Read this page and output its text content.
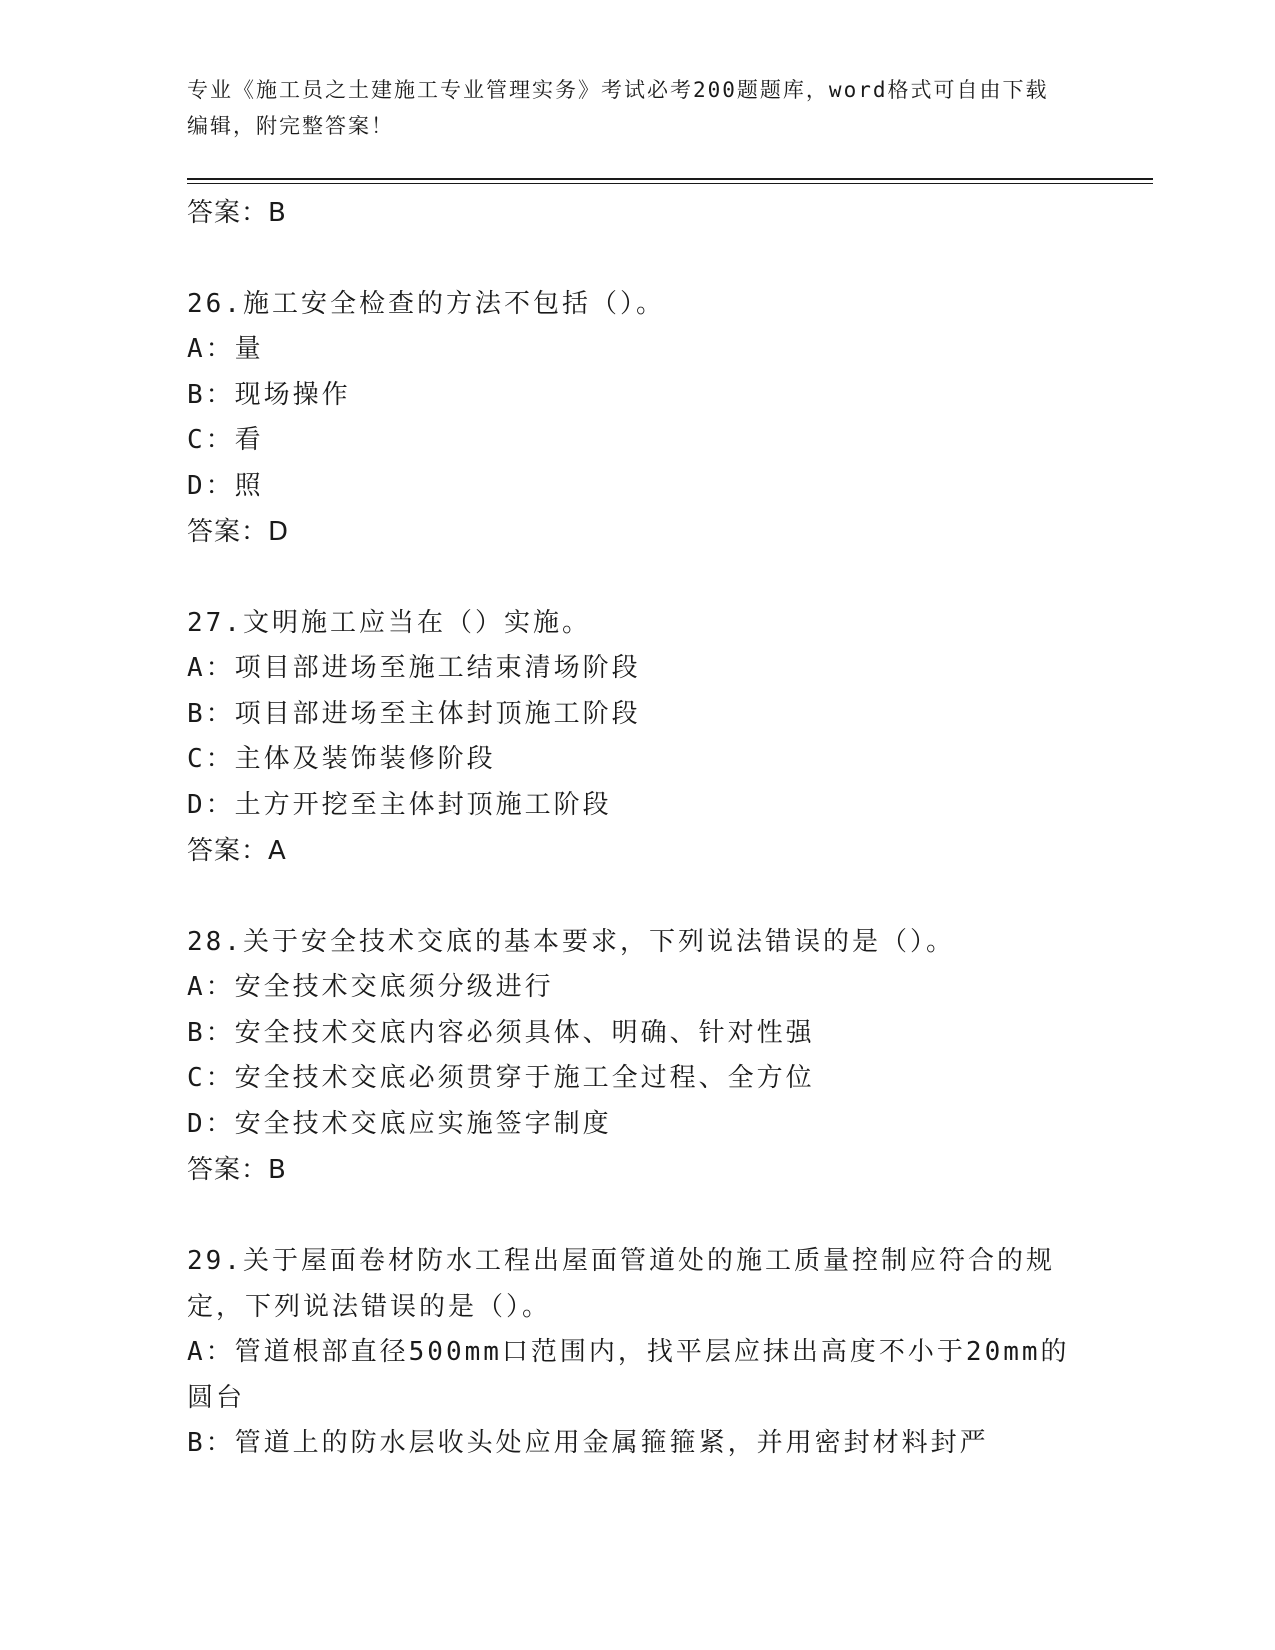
专业《施工员之土建施工专业管理实务》考试必考200题题库，word格式可自由下载编辑，附完整答案！

答案：B

26.施工安全检查的方法不包括（）。

A：量

B：现场操作

C：看

D：照

答案：D

27.文明施工应当在（）实施。

A：项目部进场至施工结束清场阶段

B：项目部进场至主体封顶施工阶段

C：主体及装饰装修阶段

D：土方开挖至主体封顶施工阶段

答案：A

28.关于安全技术交底的基本要求，下列说法错误的是（）。

A：安全技术交底须分级进行

B：安全技术交底内容必须具体、明确、针对性强

C：安全技术交底必须贯穿于施工全过程、全方位

D：安全技术交底应实施签字制度

答案：B

29.关于屋面卷材防水工程出屋面管道处的施工质量控制应符合的规定，下列说法错误的是（）。

A：管道根部直径500mm口范围内，找平层应抹出高度不小于20mm的圆台

B：管道上的防水层收头处应用金属箍箍紧，并用密封材料封严
